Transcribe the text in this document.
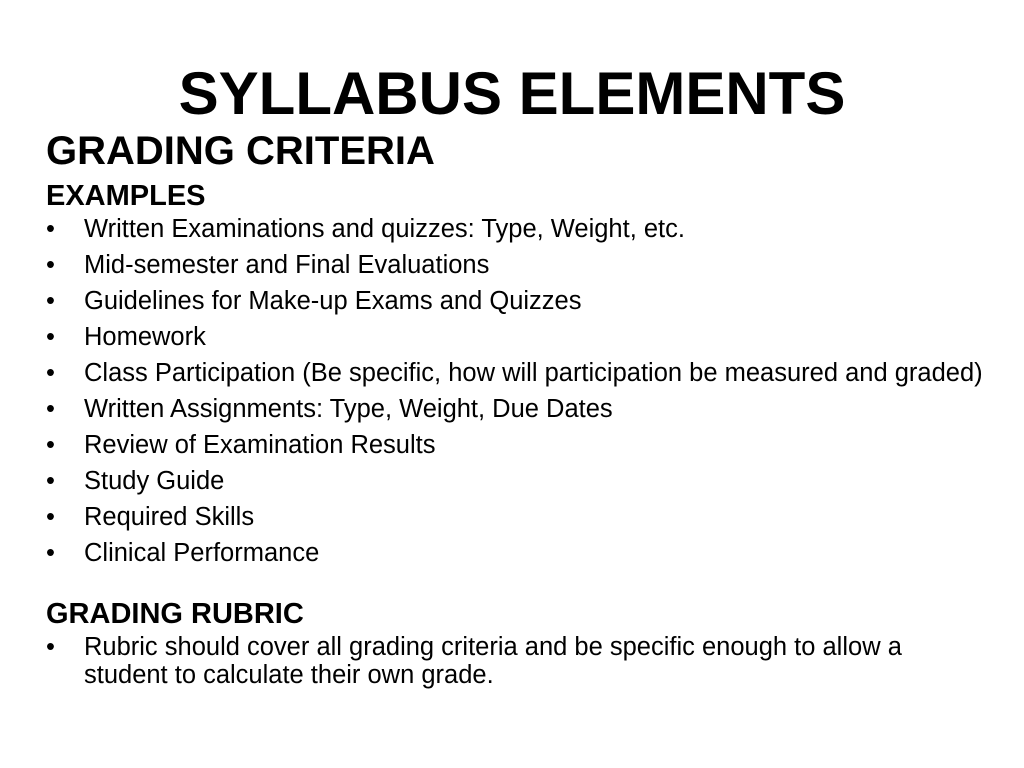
SYLLABUS ELEMENTS
GRADING CRITERIA
EXAMPLES
•	Written Examinations and quizzes: Type, Weight, etc.
•	Mid-semester and Final Evaluations
•	Guidelines for Make-up Exams and Quizzes
•	Homework
•	Class Participation (Be specific, how will participation be measured and graded)
•	Written Assignments: Type, Weight, Due Dates
•	Review of Examination Results
•	Study Guide
•	Required Skills
•	Clinical Performance
GRADING RUBRIC
•	Rubric should cover all grading criteria and be specific enough to allow a student to calculate their own grade.
